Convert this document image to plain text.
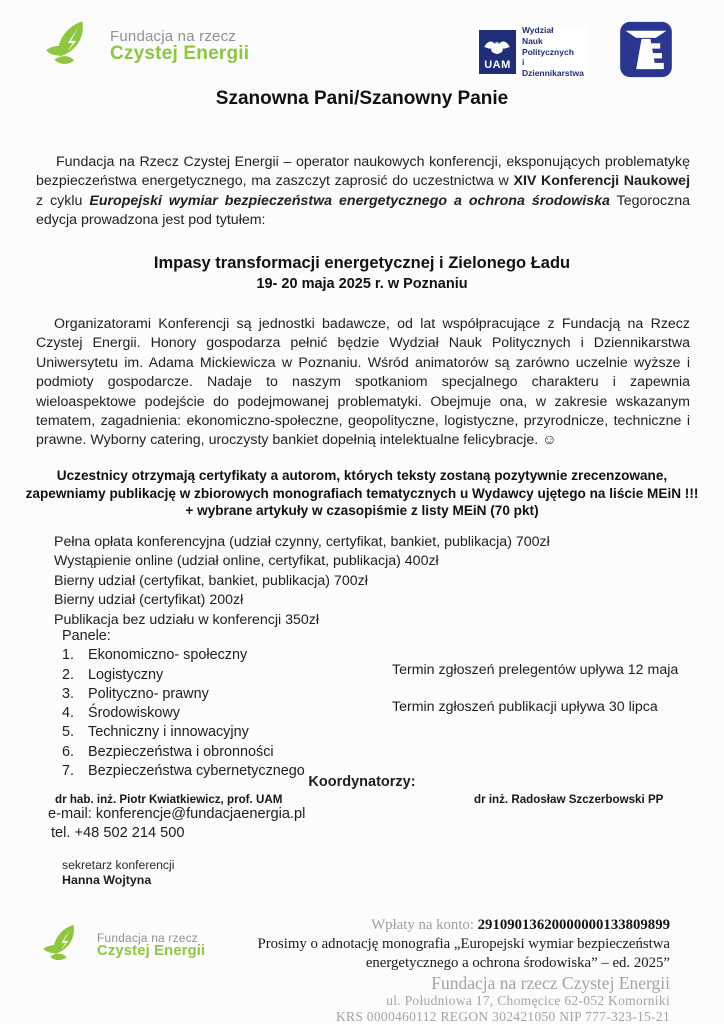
Fundacja na rzecz
Czystej Energii
UAM
Wydział
Nauk Politycznych
i Dziennikarstwa
Szanowna Pani/Szanowny Panie

Fundacja na Rzecz Czystej Energii – operator naukowych konferencji, eksponujących problematykę bezpieczeństwa energetycznego, ma zaszczyt zaprosić do uczestnictwa w XIV Konferencji Naukowej z cyklu Europejski wymiar bezpieczeństwa energetycznego a ochrona środowiska Tegoroczna edycja prowadzona jest pod tytułem:

Impasy transformacji energetycznej i Zielonego Ładu
19- 20 maja 2025 r. w Poznaniu

Organizatorami Konferencji są jednostki badawcze, od lat współpracujące z Fundacją na Rzecz Czystej Energii. Honory gospodarza pełnić będzie Wydział Nauk Politycznych i Dziennikarstwa Uniwersytetu im. Adama Mickiewicza w Poznaniu. Wśród animatorów są zarówno uczelnie wyższe i podmioty gospodarcze. Nadaje to naszym spotkaniom specjalnego charakteru i zapewnia wieloaspektowe podejście do podejmowanej problematyki. Obejmuje ona, w zakresie wskazanym tematem, zagadnienia: ekonomiczno-społeczne, geopolityczne, logistyczne, przyrodnicze, techniczne i prawne. Wyborny catering, uroczysty bankiet dopełnią intelektualne felicybracje. ☺

Uczestnicy otrzymają certyfikaty a autorom, których teksty zostaną pozytywnie zrecenzowane,
zapewniamy publikację w zbiorowych monografiach tematycznych u Wydawcy ujętego na liście MEiN !!!
+ wybrane artykuły w czasopiśmie z listy MEiN (70 pkt)
Pełna opłata konferencyjna (udział czynny, certyfikat, bankiet, publikacja) 700zł
Wystąpienie online (udział online, certyfikat, publikacja) 400zł
Bierny udział (certyfikat, bankiet, publikacja) 700zł
Bierny udział (certyfikat) 200zł
Publikacja bez udziału w konferencji 350zł
Panele:
Ekonomiczno- społeczny
Logistyczny
Polityczno- prawny
Środowiskowy
Techniczny i innowacyjny
Bezpieczeństwa i obronności
Bezpieczeństwa cybernetycznego
Termin zgłoszeń prelegentów upływa 12 maja
Termin zgłoszeń publikacji upływa 30 lipca
Koordynatorzy:
dr hab. inż. Piotr Kwiatkiewicz, prof. UAM	dr inż. Radosław Szczerbowski PP
e-mail: konferencje@fundacjaenergia.pl
tel. +48 502 214 500
sekretarz konferencji
Hanna Wojtyna
Fundacja na rzecz
Czystej Energii
Wpłaty na konto: 29109013620000000133809899
Prosimy o adnotację monografia „Europejski wymiar bezpieczeństwa
energetycznego a ochrona środowiska” – ed. 2025”
Fundacja na rzecz Czystej Energii
ul. Południowa 17, Chomęcice 62-052 Komorniki
KRS 0000460112 REGON 302421050 NIP 777-323-15-21
